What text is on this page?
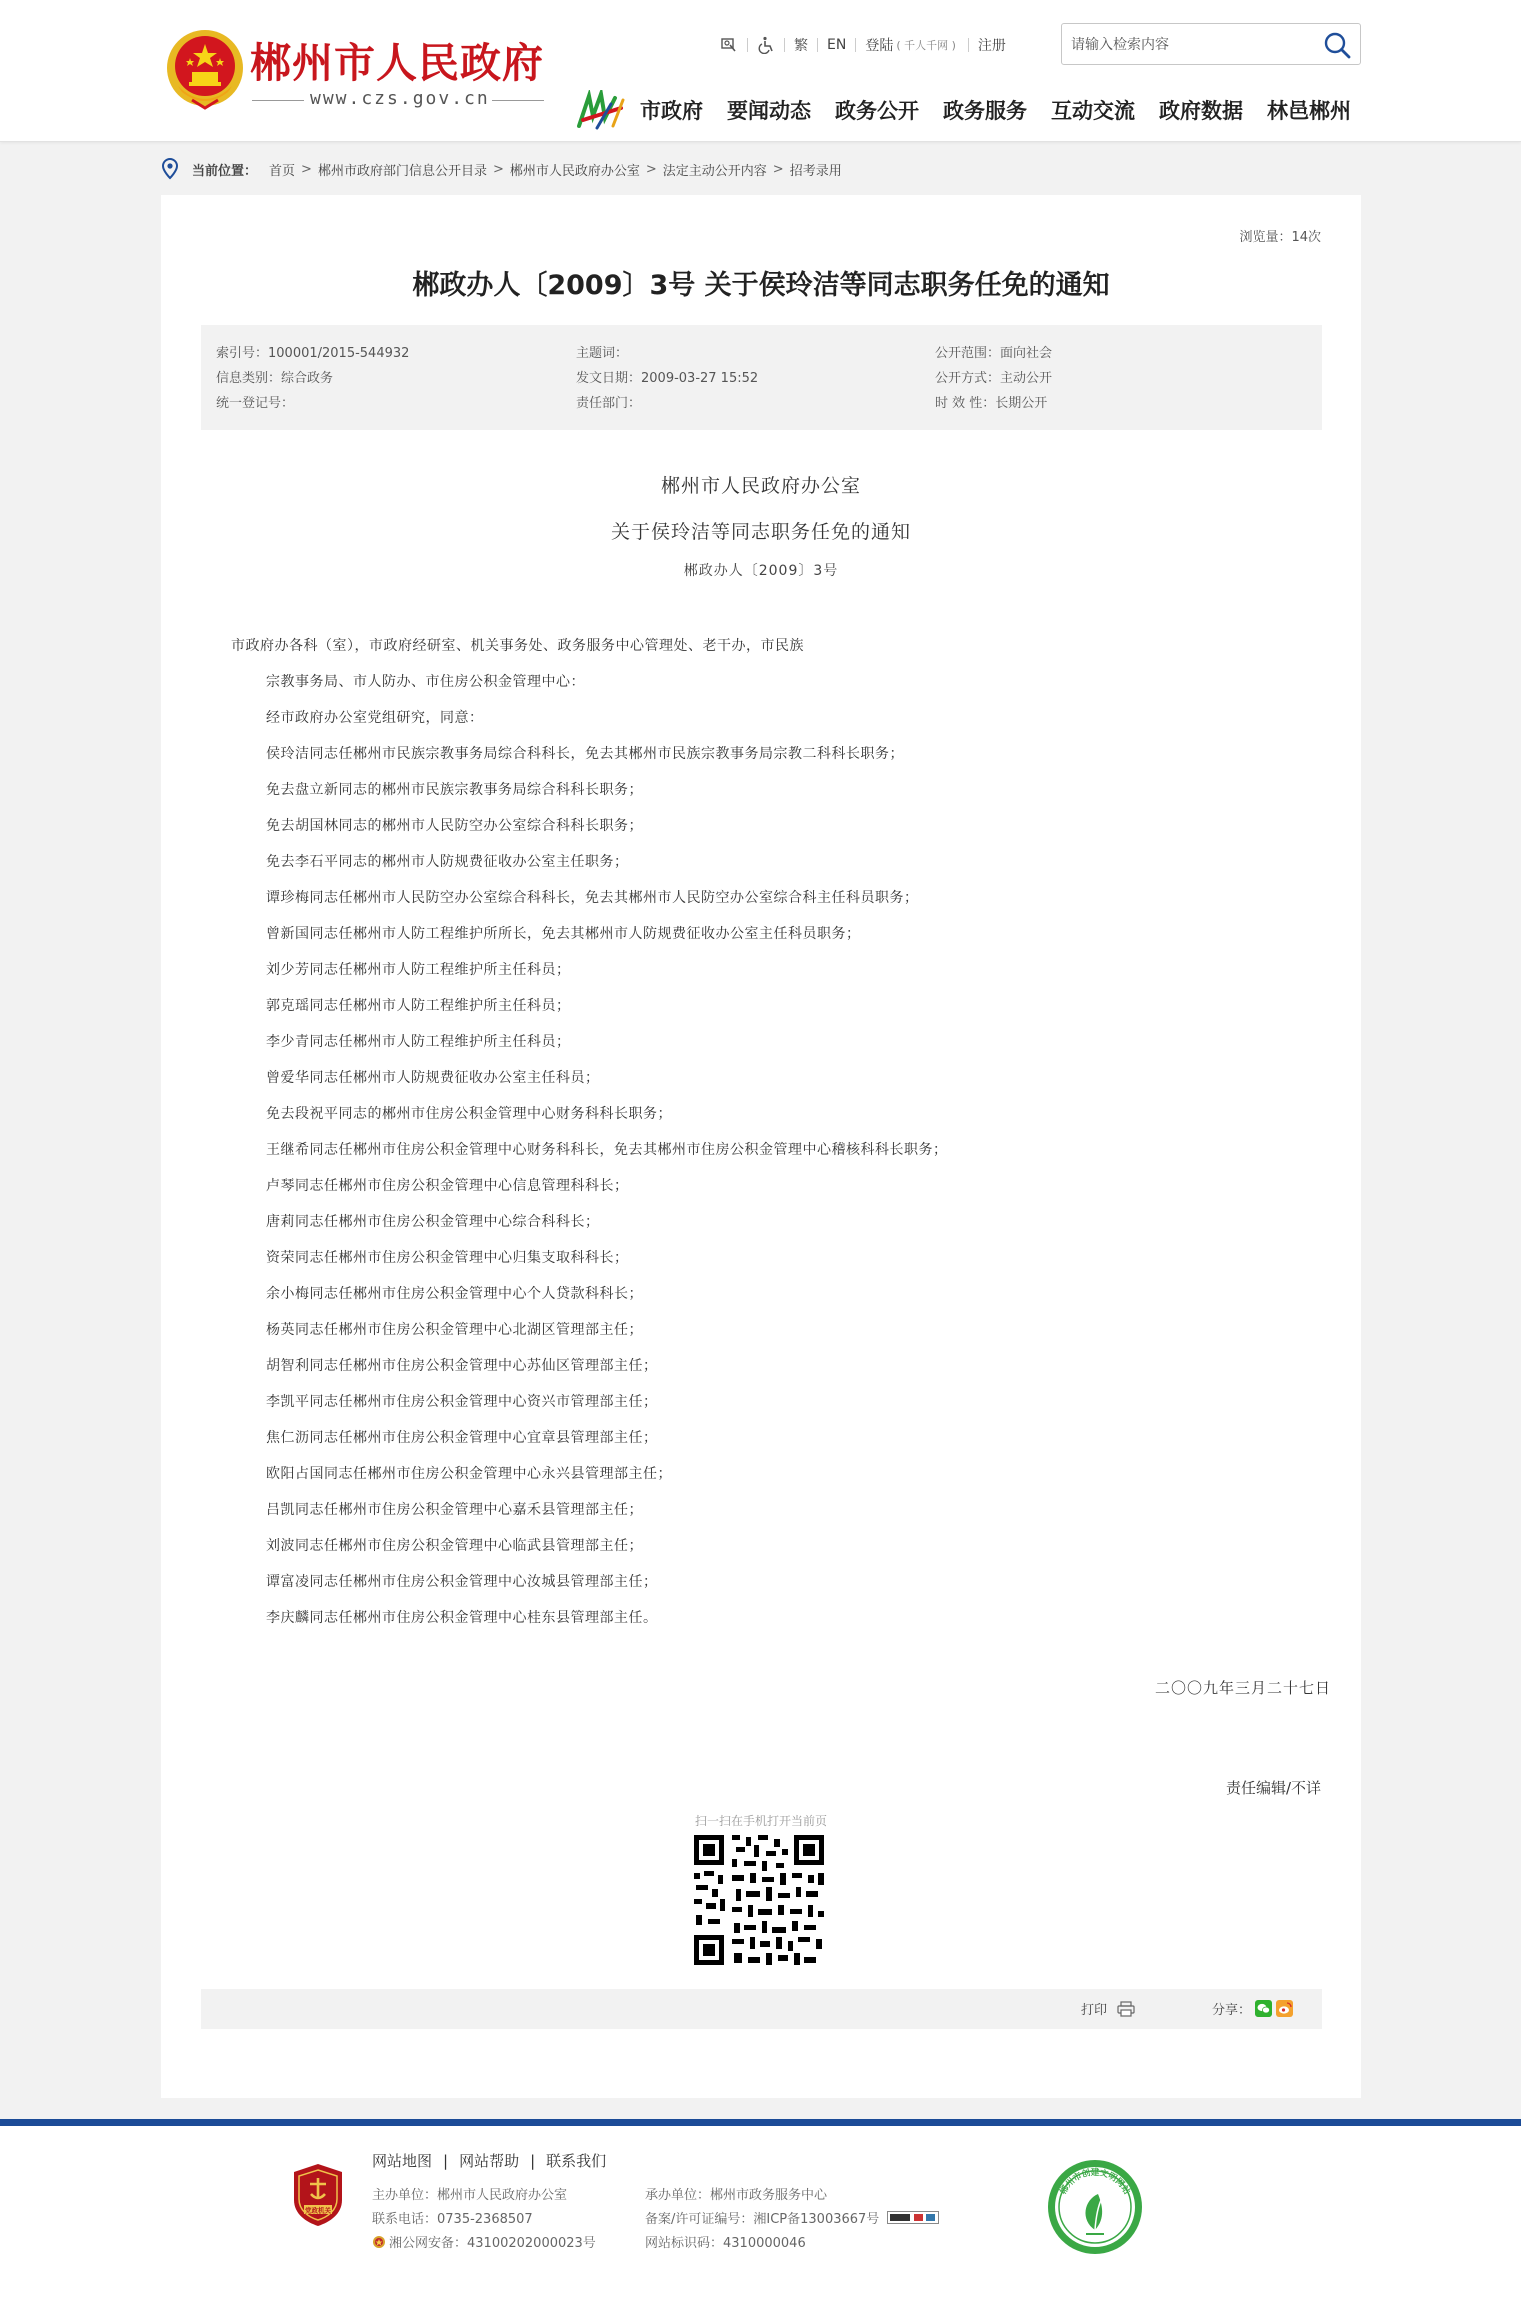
郴州市人民政府
www.czs.gov.cn
繁 EN 登陆 ( 千人千网 ) 注册
请输入检索内容
市政府 要闻动态 政务公开 政务服务 互动交流 政府数据 林邑郴州
当前位置： 首页 > 郴州市政府部门信息公开目录 > 郴州市人民政府办公室 > 法定主动公开内容 > 招考录用
浏览量：14次
郴政办人〔2009〕3号 关于侯玲洁等同志职务任免的通知
索引号：100001/2015-544932	主题词：	公开范围：面向社会
信息类别：综合政务	发文日期：2009-03-27 15:52	公开方式：主动公开
统一登记号：	责任部门：	时 效 性：长期公开
郴州市人民政府办公室
关于侯玲洁等同志职务任免的通知
郴政办人〔2009〕3号
市政府办各科（室），市政府经研室、机关事务处、政务服务中心管理处、老干办，市民族
宗教事务局、市人防办、市住房公积金管理中心：
经市政府办公室党组研究，同意：
侯玲洁同志任郴州市民族宗教事务局综合科科长，免去其郴州市民族宗教事务局宗教二科科长职务；
免去盘立新同志的郴州市民族宗教事务局综合科科长职务；
免去胡国林同志的郴州市人民防空办公室综合科科长职务；
免去李石平同志的郴州市人防规费征收办公室主任职务；
谭珍梅同志任郴州市人民防空办公室综合科科长，免去其郴州市人民防空办公室综合科主任科员职务；
曾新国同志任郴州市人防工程维护所所长，免去其郴州市人防规费征收办公室主任科员职务；
刘少芳同志任郴州市人防工程维护所主任科员；
郭克瑶同志任郴州市人防工程维护所主任科员；
李少青同志任郴州市人防工程维护所主任科员；
曾爱华同志任郴州市人防规费征收办公室主任科员；
免去段祝平同志的郴州市住房公积金管理中心财务科科长职务；
王继希同志任郴州市住房公积金管理中心财务科科长，免去其郴州市住房公积金管理中心稽核科科长职务；
卢琴同志任郴州市住房公积金管理中心信息管理科科长；
唐莉同志任郴州市住房公积金管理中心综合科科长；
资荣同志任郴州市住房公积金管理中心归集支取科科长；
余小梅同志任郴州市住房公积金管理中心个人贷款科科长；
杨英同志任郴州市住房公积金管理中心北湖区管理部主任；
胡智利同志任郴州市住房公积金管理中心苏仙区管理部主任；
李凯平同志任郴州市住房公积金管理中心资兴市管理部主任；
焦仁沥同志任郴州市住房公积金管理中心宜章县管理部主任；
欧阳占国同志任郴州市住房公积金管理中心永兴县管理部主任；
吕凯同志任郴州市住房公积金管理中心嘉禾县管理部主任；
刘波同志任郴州市住房公积金管理中心临武县管理部主任；
谭富凌同志任郴州市住房公积金管理中心汝城县管理部主任；
李庆麟同志任郴州市住房公积金管理中心桂东县管理部主任。
二〇〇九年三月二十七日
责任编辑/不详
扫一扫在手机打开当前页
打印	分享：
党政机关
网站地图 | 网站帮助 | 联系我们
主办单位：郴州市人民政府办公室	承办单位：郴州市政务服务中心
联系电话：0735-2368507	备案/许可证编号：湘ICP备13003667号
湘公网安备：43100202000023号	网站标识码：4310000046
郴州市创建文明网站
